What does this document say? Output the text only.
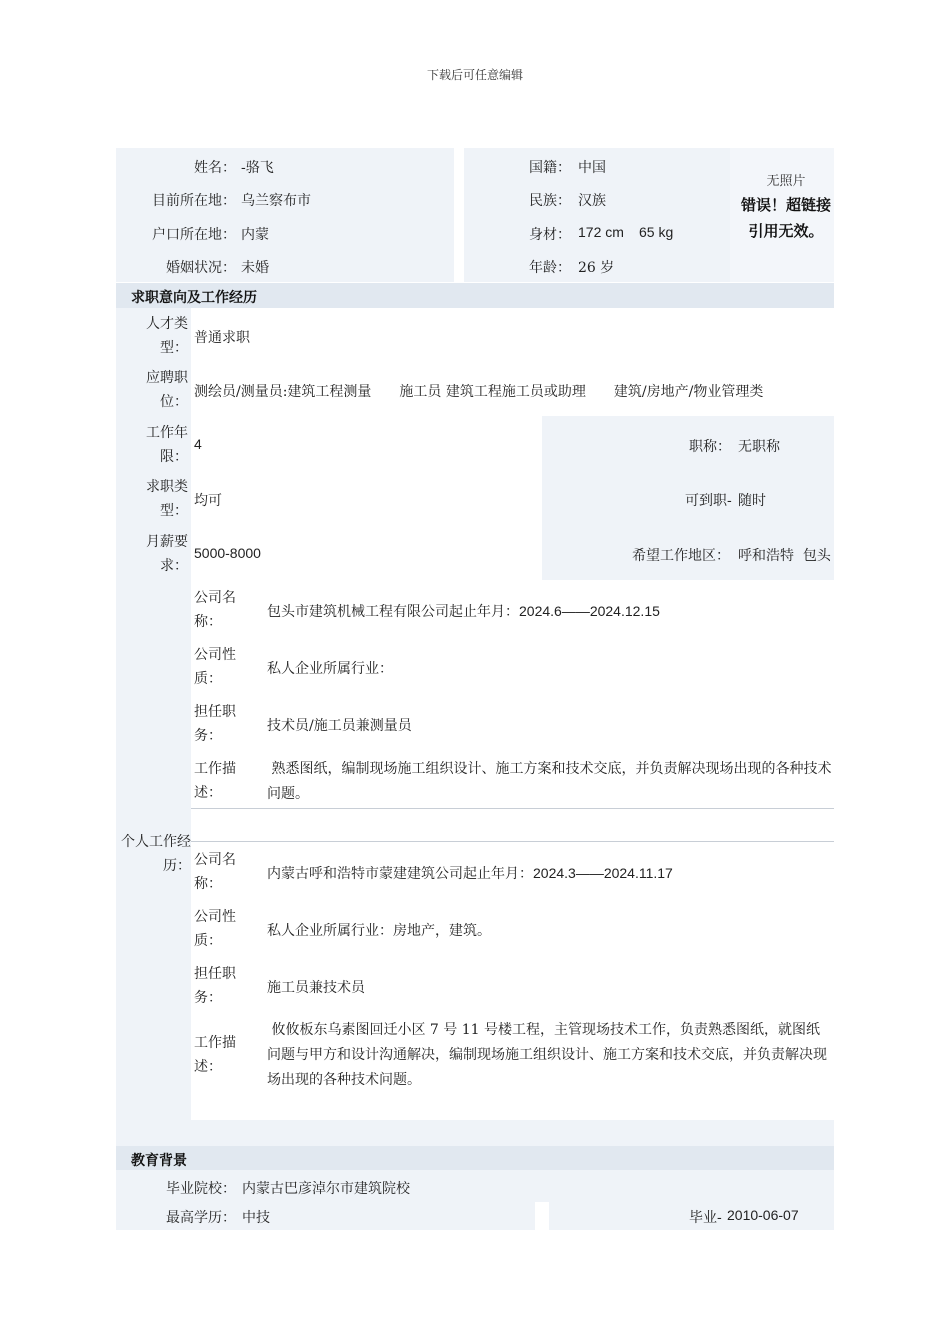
下载后可任意编辑
姓名： -骆飞	国籍： 中国
目前所在地： 乌兰察布市	民族： 汉族
户口所在地： 内蒙	身材： 172 cm 65 kg
婚姻状况： 未婚	年龄： 26 岁
无照片
错误！超链接引用无效。
求职意向及工作经历
人才类型：
普通求职
应聘职位：
测绘员/测量员:建筑工程测量　　施工员 建筑工程施工员或助理　　建筑/房地产/物业管理类
工作年限：
4	职称： 无职称
求职类型：
均可	可到职- 随时
月薪要求：
5000-8000	希望工作地区： 呼和浩特  包头
个人工作经历：
公司名称：
包头市建筑机械工程有限公司起止年月：2024.6——2024.12.15
公司性质：
私人企业所属行业：
担任职务：
技术员/施工员兼测量员
工作描述：
熟悉图纸，编制现场施工组织设计、施工方案和技术交底，并负责解决现场出现的各种技术问题。
公司名称：
内蒙古呼和浩特市蒙建建筑公司起止年月：2024.3——2024.11.17
公司性质：
私人企业所属行业：房地产，建筑。
担任职务：
施工员兼技术员
工作描述：
攸攸板东乌素图回迁小区 7 号 11 号楼工程，主管现场技术工作，负责熟悉图纸，就图纸问题与甲方和设计沟通解决，编制现场施工组织设计、施工方案和技术交底，并负责解决现场出现的各种技术问题。
教育背景
毕业院校： 内蒙古巴彦淖尔市建筑院校
最高学历： 中技	毕业- 2010-06-07
